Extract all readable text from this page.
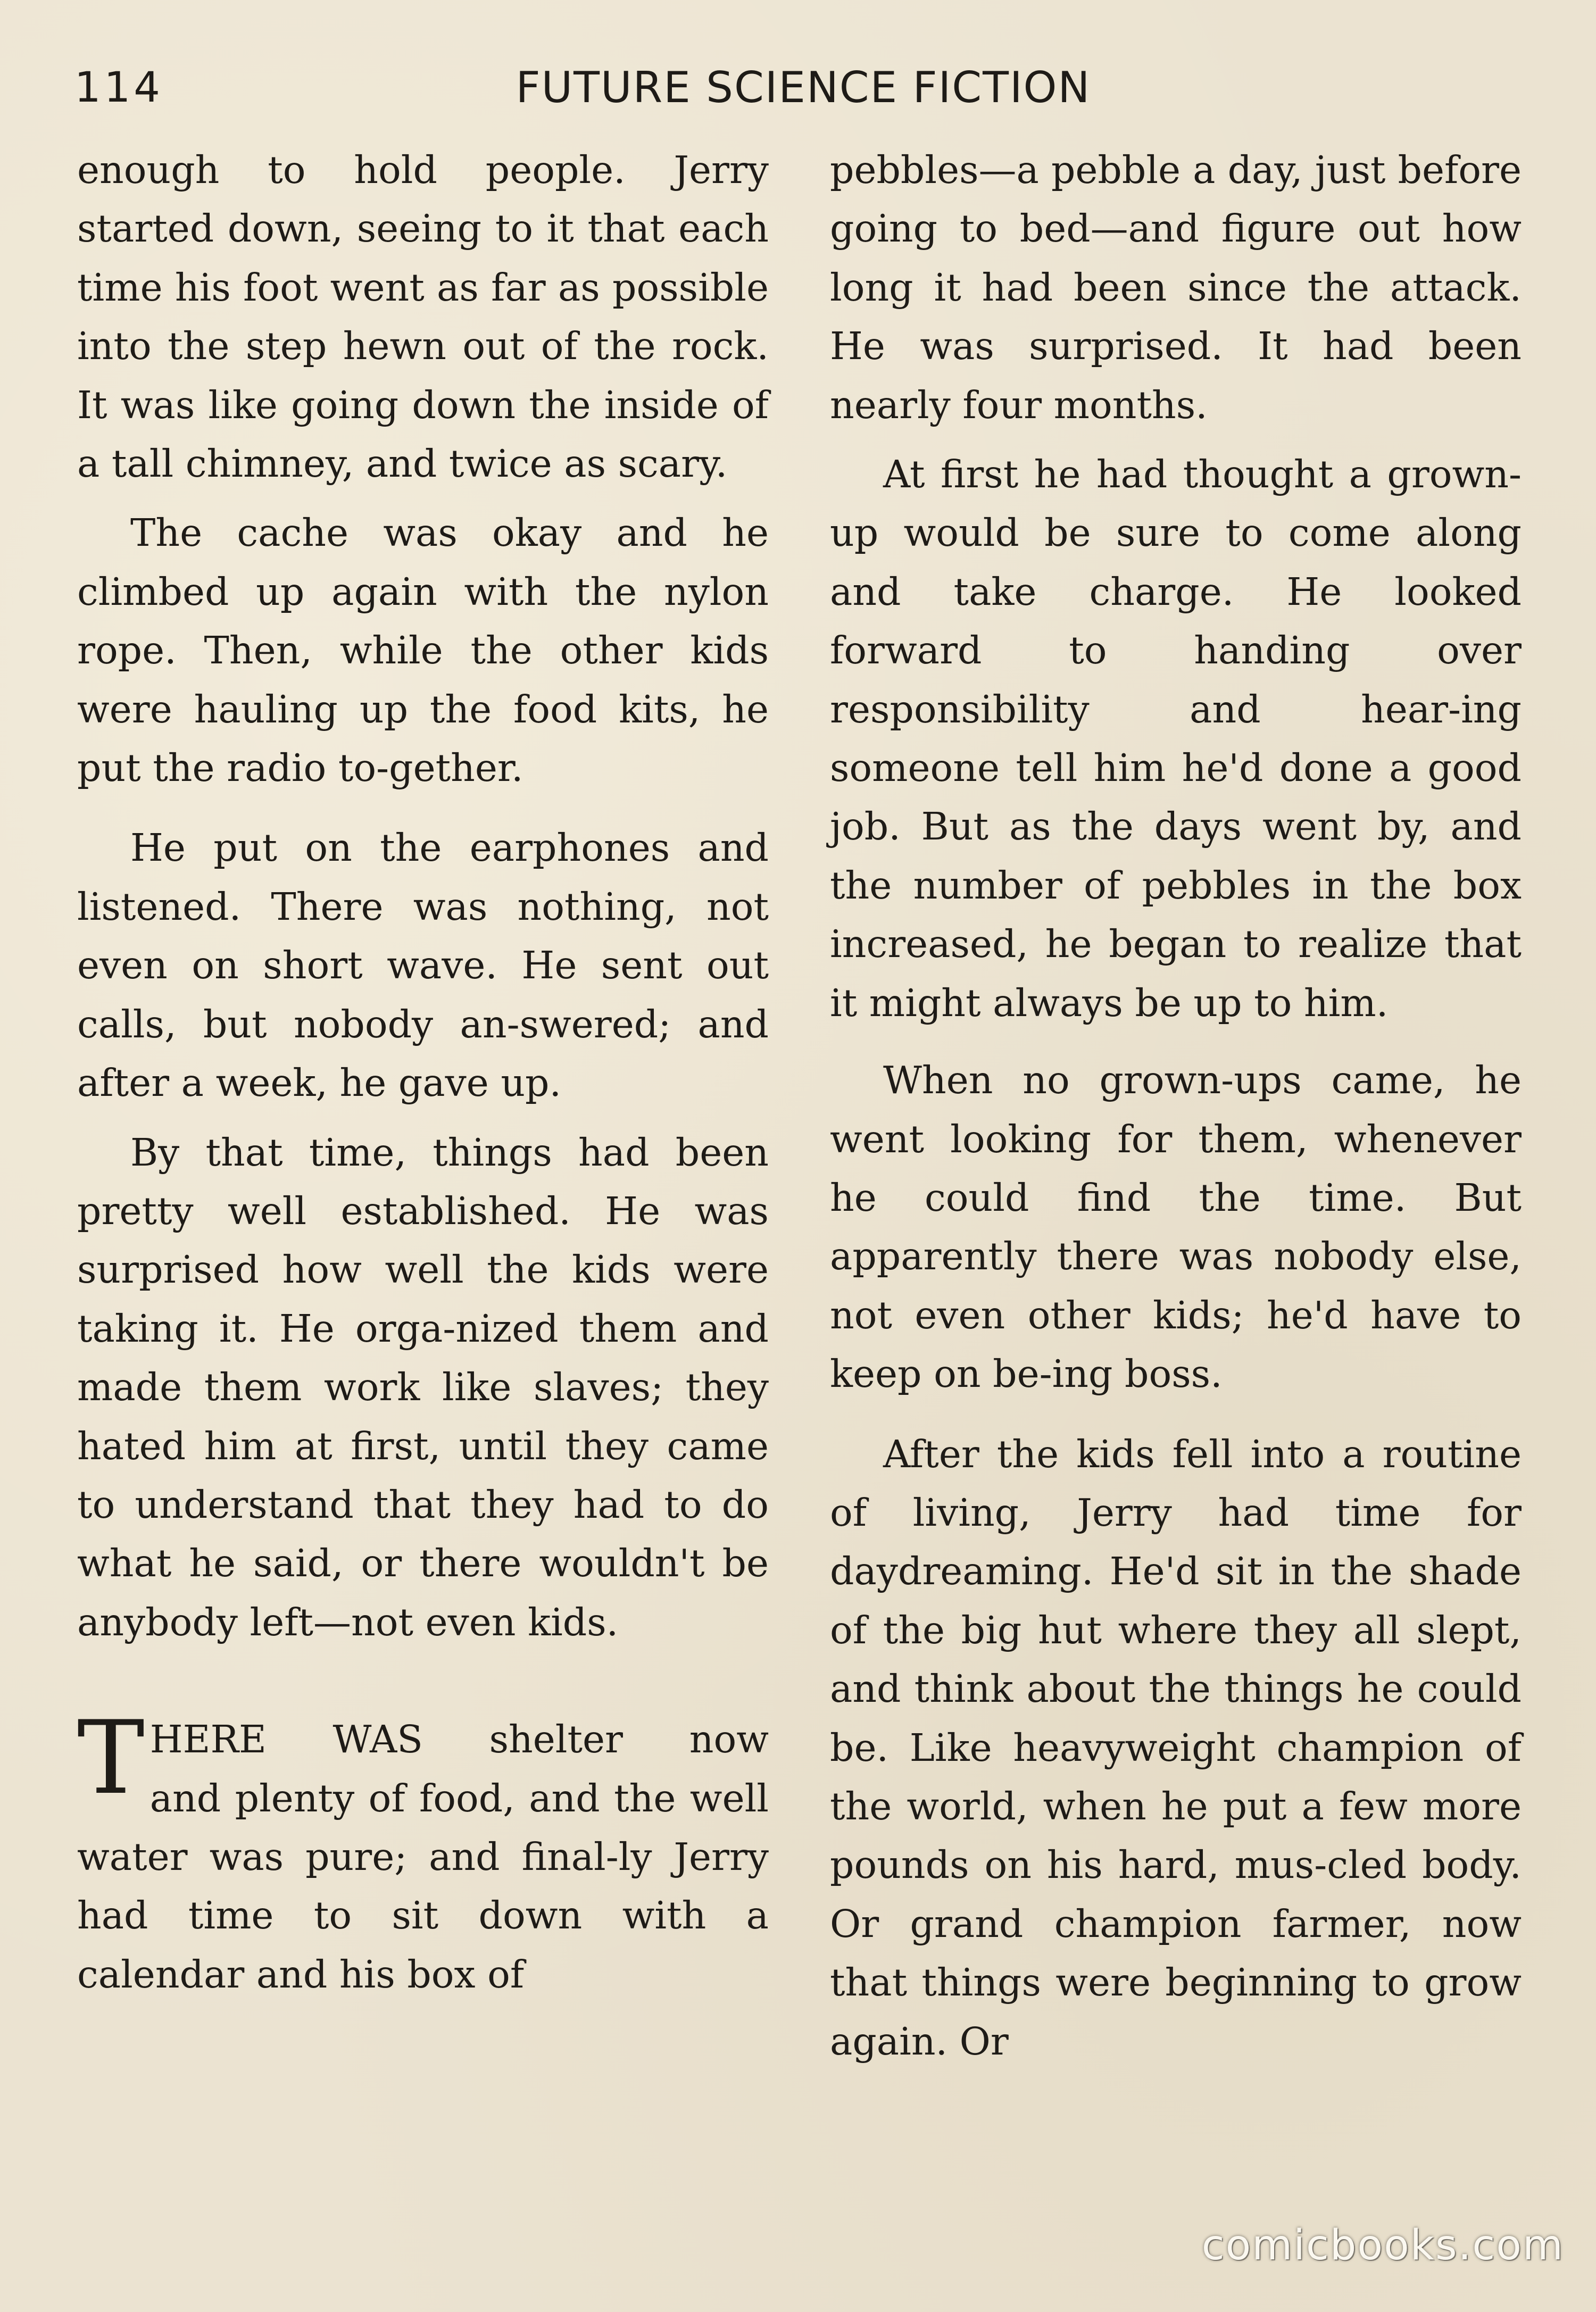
114	FUTURE SCIENCE FICTION

enough to hold people. Jerry started down, seeing to it that each time his foot went as far as possible into the step hewn out of the rock. It was like going down the inside of a tall chimney, and twice as scary.

The cache was okay and he climbed up again with the nylon rope. Then, while the other kids were hauling up the food kits, he put the radio to-gether.

He put on the earphones and listened. There was nothing, not even on short wave. He sent out calls, but nobody an-swered; and after a week, he gave up.

By that time, things had been pretty well established. He was surprised how well the kids were taking it. He orga-nized them and made them work like slaves; they hated him at first, until they came to understand that they had to do what he said, or there wouldn't be anybody left—not even kids.

T HERE WAS shelter now
and plenty of food, and the well water was pure; and final-ly Jerry had time to sit down with a calendar and his box of

pebbles—a pebble a day, just before going to bed—and figure out how long it had been since the attack. He was surprised. It had been nearly four months.

At first he had thought a grown-up would be sure to come along and take charge. He looked forward to handing over responsibility and hear-ing someone tell him he'd done a good job. But as the days went by, and the number of pebbles in the box increased, he began to realize that it might always be up to him.

When no grown-ups came, he went looking for them, whenever he could find the time. But apparently there was nobody else, not even other kids; he'd have to keep on be-ing boss.

After the kids fell into a routine of living, Jerry had time for daydreaming. He'd sit in the shade of the big hut where they all slept, and think about the things he could be. Like heavyweight champion of the world, when he put a few more pounds on his hard, mus-cled body. Or grand champion farmer, now that things were beginning to grow again. Or

comicbooks.com
